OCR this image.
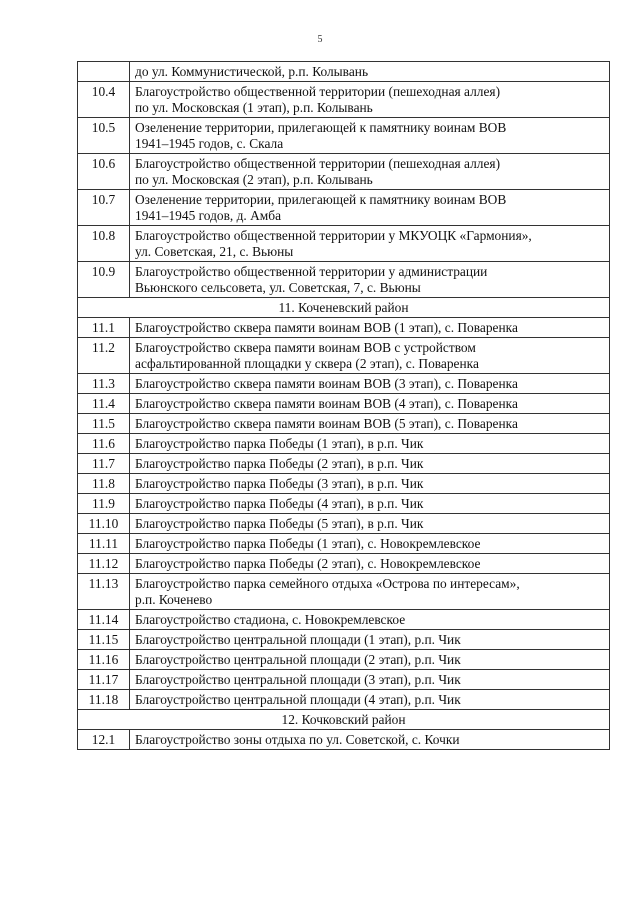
5

	до ул. Коммунистической, р.п. Колывань

10.4	Благоустройство общественной территории (пешеходная аллея)
по ул. Московская (1 этап), р.п. Колывань

10.5	Озеленение территории, прилегающей к памятнику воинам ВОВ
1941–1945 годов, с. Скала

10.6	Благоустройство общественной территории (пешеходная аллея)
по ул. Московская (2 этап), р.п. Колывань

10.7	Озеленение территории, прилегающей к памятнику воинам ВОВ
1941–1945 годов, д. Амба

10.8	Благоустройство общественной территории у МКУОЦК «Гармония»,
ул. Советская, 21, с. Вьюны

10.9	Благоустройство общественной территории у администрации
Вьюнского сельсовета, ул. Советская, 7, с. Вьюны

11. Коченевский район	
11.1	Благоустройство сквера памяти воинам ВОВ (1 этап), с. Поваренка

11.2	Благоустройство сквера памяти воинам ВОВ с устройством
асфальтированной площадки у сквера (2 этап), с. Поваренка

11.3	Благоустройство сквера памяти воинам ВОВ (3 этап), с. Поваренка

11.4	Благоустройство сквера памяти воинам ВОВ (4 этап), с. Поваренка

11.5	Благоустройство сквера памяти воинам ВОВ (5 этап), с. Поваренка

11.6	Благоустройство парка Победы (1 этап), в р.п. Чик

11.7	Благоустройство парка Победы (2 этап), в р.п. Чик

11.8	Благоустройство парка Победы (3 этап), в р.п. Чик

11.9	Благоустройство парка Победы (4 этап), в р.п. Чик

11.10	Благоустройство парка Победы (5 этап), в р.п. Чик

11.11	Благоустройство парка Победы (1 этап), с. Новокремлевское

11.12	Благоустройство парка Победы (2 этап), с. Новокремлевское

11.13	Благоустройство парка семейного отдыха «Острова по интересам»,
р.п. Коченево

11.14	Благоустройство стадиона, с. Новокремлевское

11.15	Благоустройство центральной площади (1 этап), р.п. Чик

11.16	Благоустройство центральной площади (2 этап), р.п. Чик

11.17	Благоустройство центральной площади (3 этап), р.п. Чик

11.18	Благоустройство центральной площади (4 этап), р.п. Чик

12. Кочковский район	
12.1	Благоустройство зоны отдыха по ул. Советской, с. Кочки
